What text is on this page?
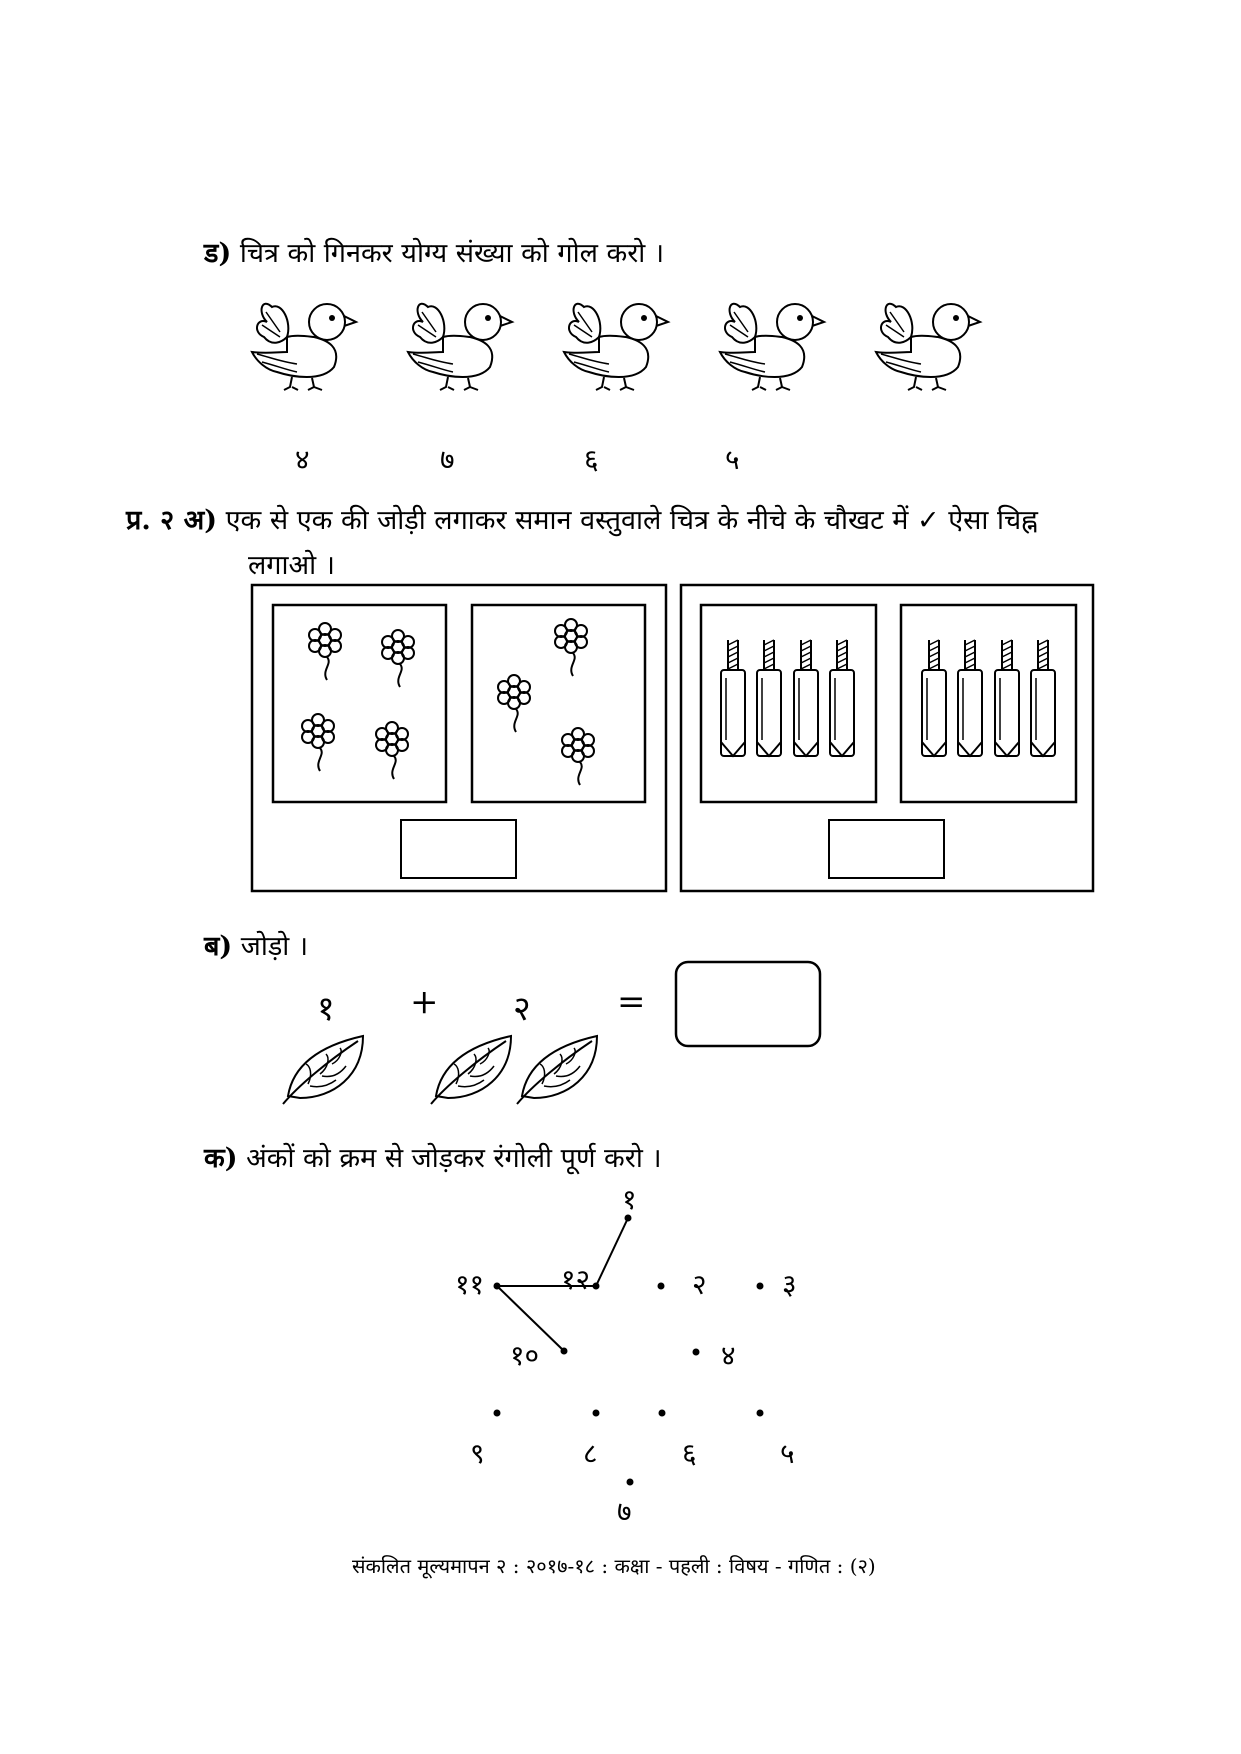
ड) चित्र को गिनकर योग्य संख्या को गोल करो ।
४	७	६	५
प्र. २ अ) एक से एक की जोड़ी लगाकर समान वस्तुवाले चित्र के नीचे के चौखट में ✓ ऐसा चिह्न
लगाओ ।
ब) जोड़ो ।
१ + २	=
क) अंकों को क्रम से जोड़कर रंगोली पूर्ण करो ।
१
२	३
४
५
६
७
८
९
१०
११	१२
संकलित मूल्यमापन २ : २०१७-१८ : कक्षा - पहली : विषय - गणित : (२)
